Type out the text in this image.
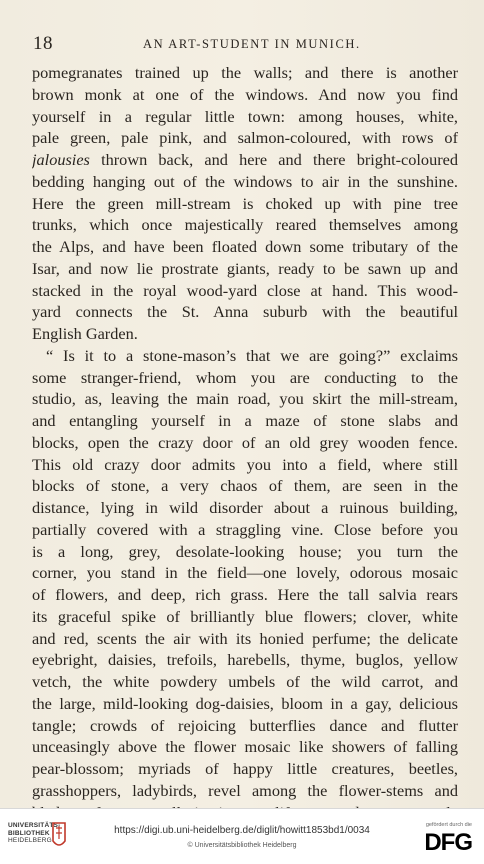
18	AN ART-STUDENT IN MUNICH.
pomegranates trained up the walls; and there is another
brown monk at one of the windows. And now you find
yourself in a regular little town: among houses, white,
pale green, pale pink, and salmon-coloured, with rows of
jalousies thrown back, and here and there bright-coloured
bedding hanging out of the windows to air in the sunshine.
Here the green mill-stream is choked up with pine tree
trunks, which once majestically reared themselves among
the Alps, and have been floated down some tributary of the
Isar, and now lie prostrate giants, ready to be sawn up and
stacked in the royal wood-yard close at hand. This wood-
yard connects the St. Anna suburb with the beautiful
English Garden.
“ Is it to a stone-mason’s that we are going?” exclaims
some stranger-friend, whom you are conducting to the
studio, as, leaving the main road, you skirt the mill-stream,
and entangling yourself in a maze of stone slabs and
blocks, open the crazy door of an old grey wooden fence.
This old crazy door admits you into a field, where still
blocks of stone, a very chaos of them, are seen in the
distance, lying in wild disorder about a ruinous building,
partially covered with a straggling vine. Close before you
is a long, grey, desolate-looking house; you turn the
corner, you stand in the field—one lovely, odorous mosaic
of flowers, and deep, rich grass. Here the tall salvia rears
its graceful spike of brilliantly blue flowers; clover, white
and red, scents the air with its honied perfume; the delicate
eyebright, daisies, trefoils, harebells, thyme, buglos, yellow
vetch, the white powdery umbels of the wild carrot, and
the large, mild-looking dog-daisies, bloom in a gay, delicious
tangle; crowds of rejoicing butterflies dance and flutter
unceasingly above the flower mosaic like showers of falling
pear-blossom; myriads of happy little creatures, beetles,
grasshoppers, ladybirds, revel among the flower-stems and
UNIVERSITÄTS-
BIBLIOTHEK
HEIDELBERG
https://digi.ub.uni-heidelberg.de/diglit/howitt1853bd1/0034
© Universitätsbibliothek Heidelberg
gefördert durch die
DFG
